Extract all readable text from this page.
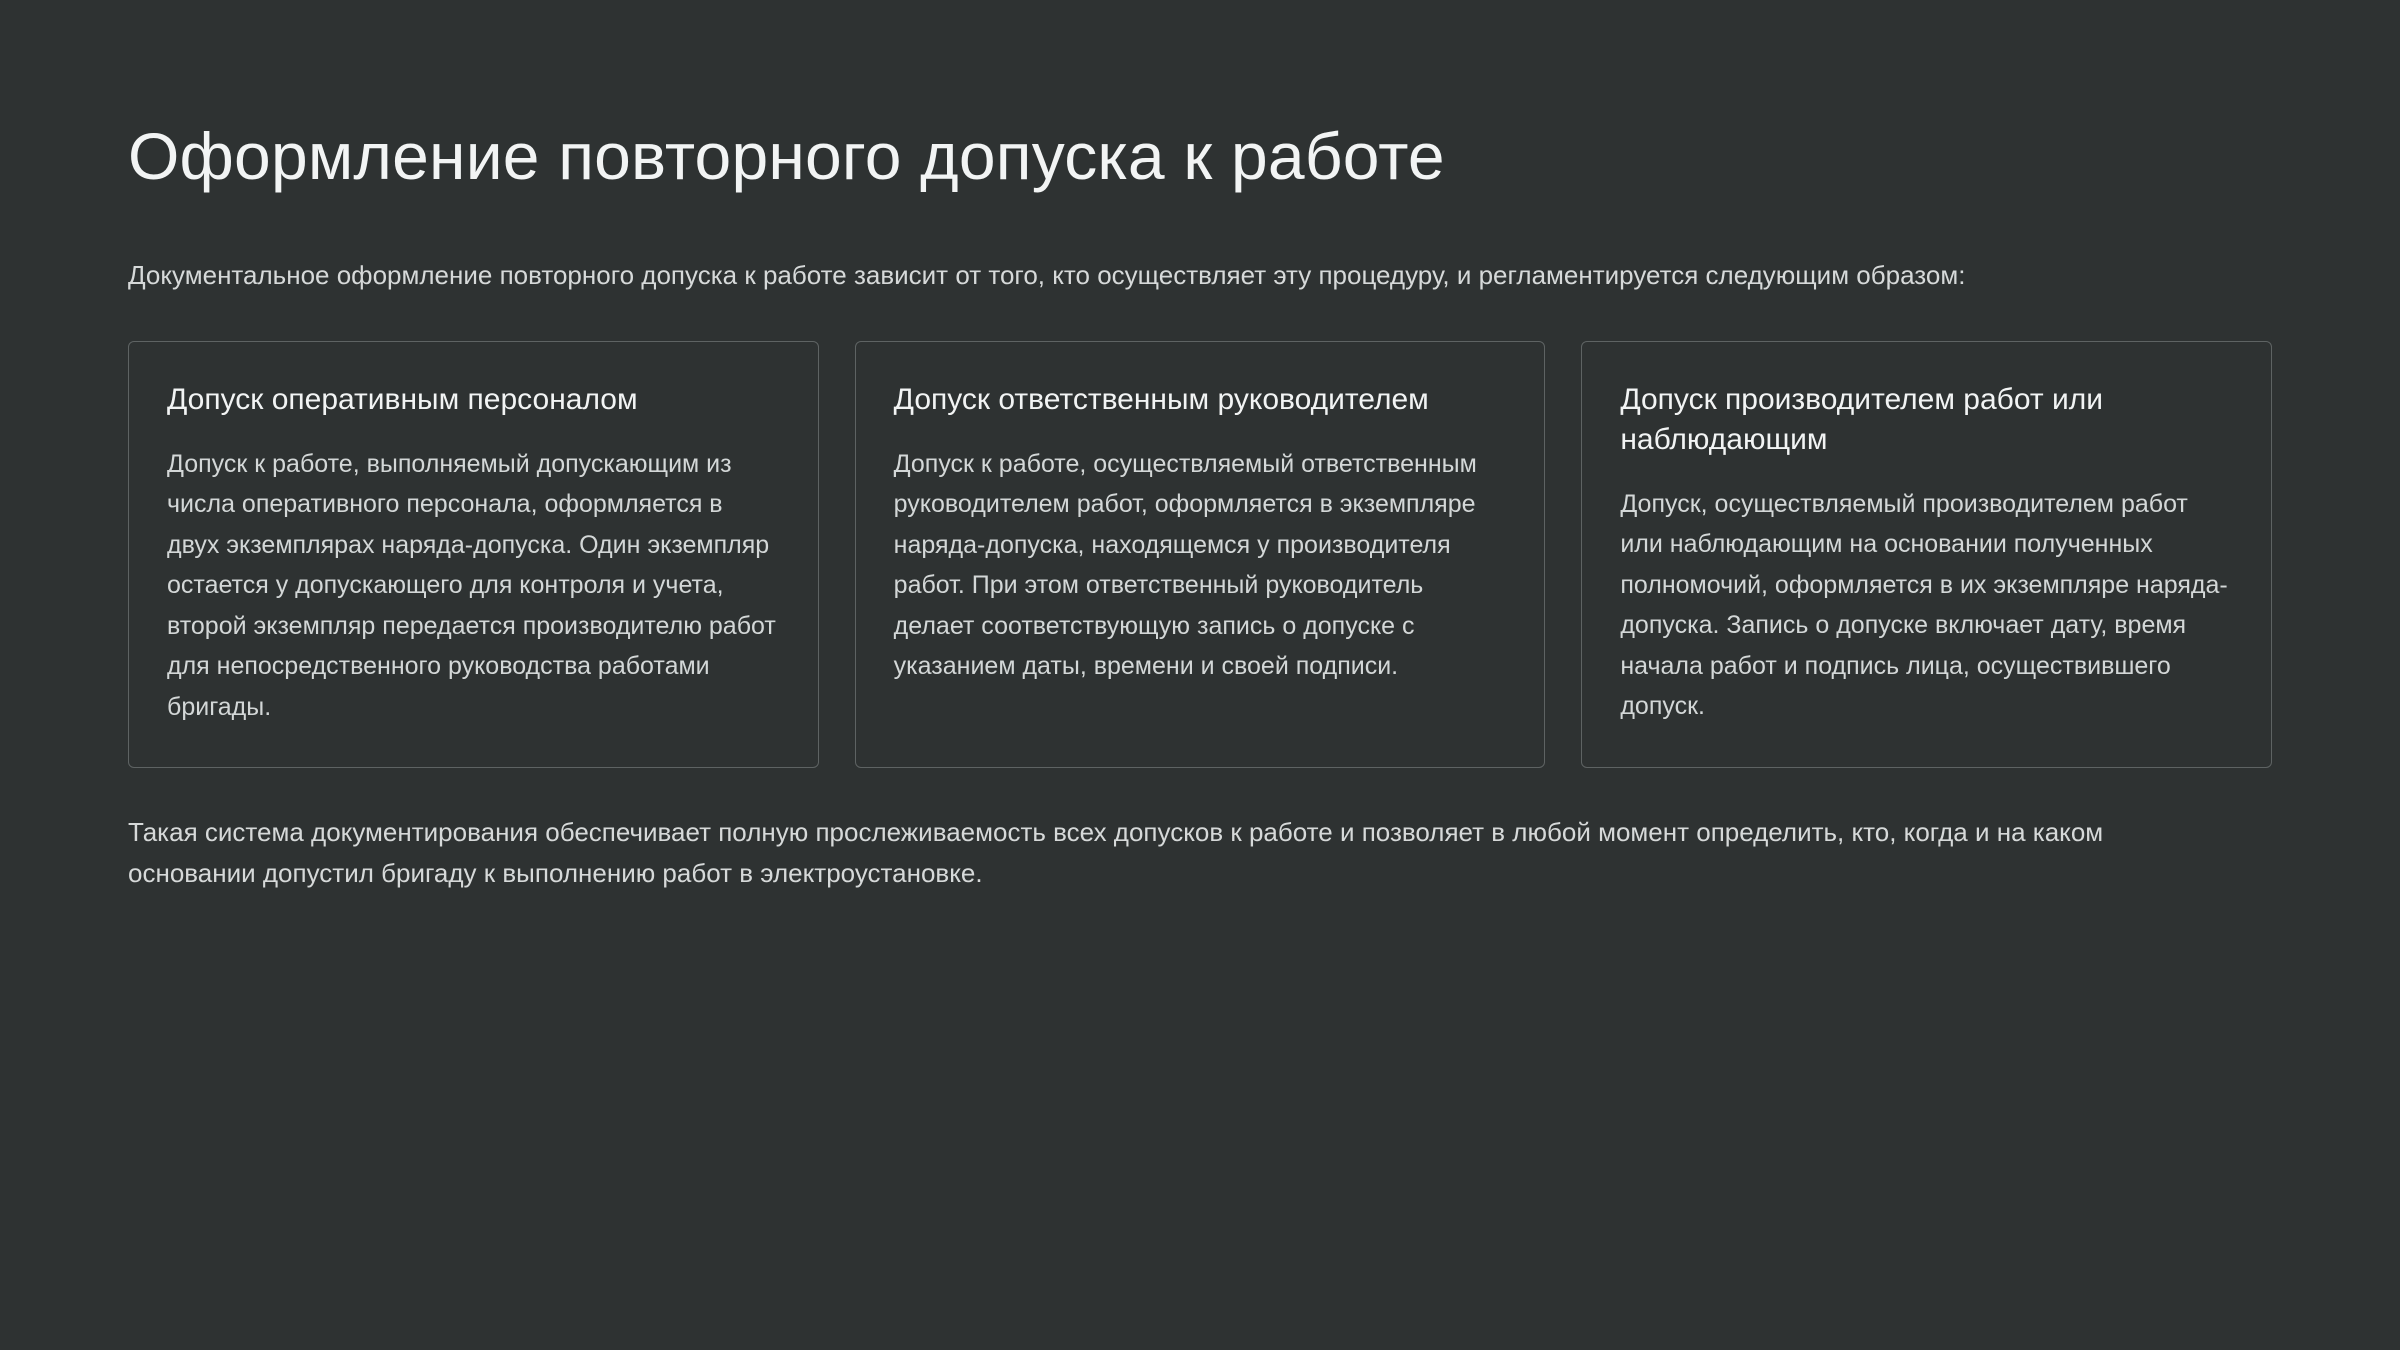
Оформление повторного допуска к работе

Документальное оформление повторного допуска к работе зависит от того, кто осуществляет эту процедуру, и регламентируется следующим образом:

Допуск оперативным персоналом

Допуск к работе, выполняемый допускающим из числа оперативного персонала, оформляется в двух экземплярах наряда-допуска. Один экземпляр остается у допускающего для контроля и учета, второй экземпляр передается производителю работ для непосредственного руководства работами бригады.

Допуск ответственным руководителем

Допуск к работе, осуществляемый ответственным руководителем работ, оформляется в экземпляре наряда-допуска, находящемся у производителя работ. При этом ответственный руководитель делает соответствующую запись о допуске с указанием даты, времени и своей подписи.

Допуск производителем работ или наблюдающим

Допуск, осуществляемый производителем работ или наблюдающим на основании полученных полномочий, оформляется в их экземпляре наряда-допуска. Запись о допуске включает дату, время начала работ и подпись лица, осуществившего допуск.

Такая система документирования обеспечивает полную прослеживаемость всех допусков к работе и позволяет в любой момент определить, кто, когда и на каком основании допустил бригаду к выполнению работ в электроустановке.
